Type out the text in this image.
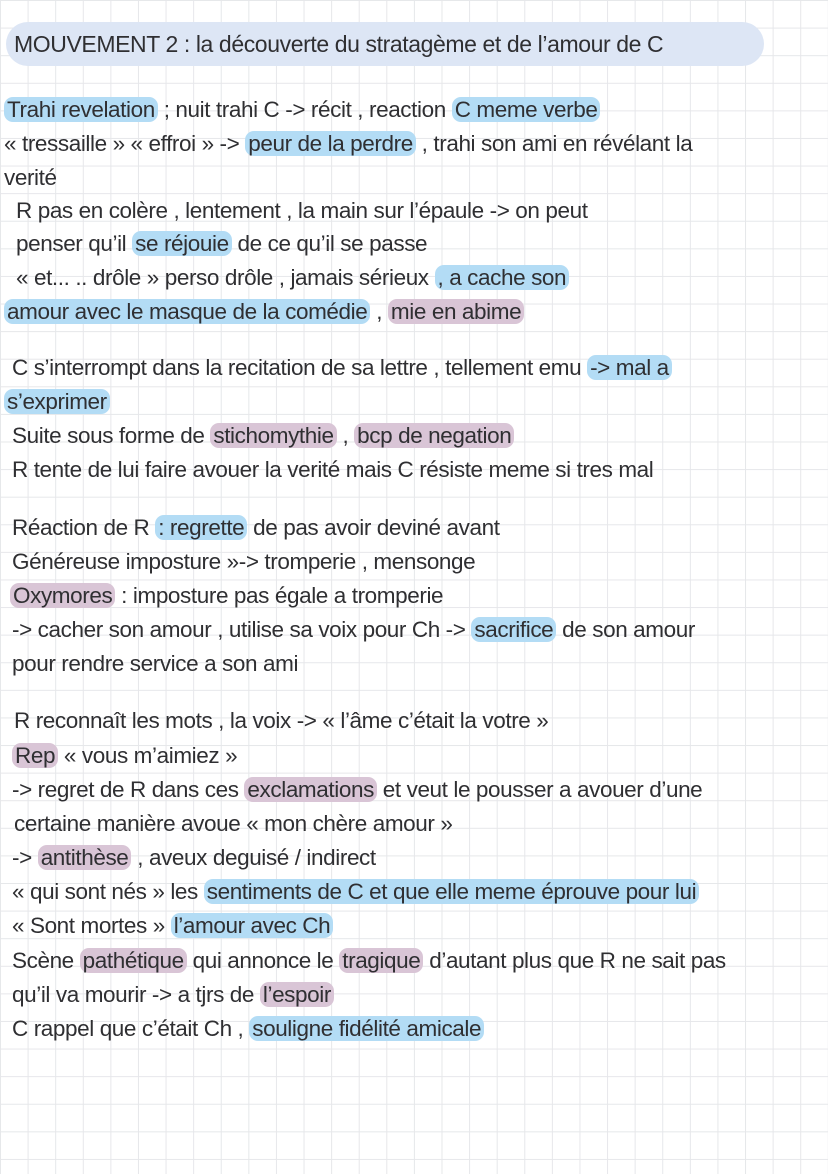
MOUVEMENT 2 : la découverte du stratagème et de l’amour de C
Trahi revelation ; nuit trahi C -> récit , reaction C meme verbe
« tressaille » « effroi » -> peur de la perdre , trahi son ami en révélant la
verité
R pas en colère , lentement , la main sur l’épaule -> on peut
penser qu’il se réjouie de ce qu’il se passe
« et... .. drôle » perso drôle , jamais sérieux , a cache son
amour avec le masque de la comédie , mie en abime
C s’interrompt dans la recitation de sa lettre , tellement emu -> mal a
s’exprimer
Suite sous forme de stichomythie , bcp de negation
R tente de lui faire avouer la verité mais C résiste meme si tres mal
Réaction de R : regrette de pas avoir deviné avant
Généreuse imposture »-> tromperie , mensonge
Oxymores : imposture pas égale a tromperie
-> cacher son amour , utilise sa voix pour Ch -> sacrifice de son amour
pour rendre service a son ami
R reconnaît les mots , la voix -> « l’âme c’était la votre »
Rep « vous m’aimiez »
-> regret de R dans ces exclamations et veut le pousser a avouer d’une
certaine manière avoue « mon chère amour »
-> antithèse , aveux deguisé / indirect
« qui sont nés » les sentiments de C et que elle meme éprouve pour lui
« Sont mortes » l’amour avec Ch
Scène pathétique qui annonce le tragique d’autant plus que R ne sait pas
qu’il va mourir -> a tjrs de l’espoir
C rappel que c’était Ch , souligne fidélité amicale
